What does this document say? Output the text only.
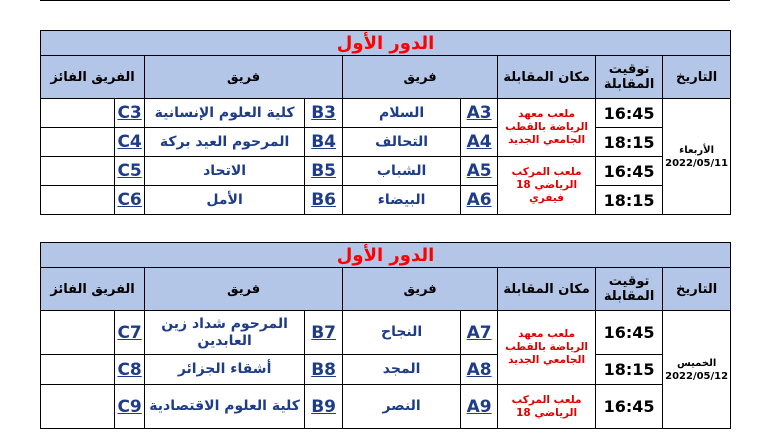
الدور الأول								
التاريخ	توقيت المقابلة	مكان المقابلة	فريق		فريق		الفريق الفائز	

الأربعاء
2022/05/11	16:45	ملعب معهد الرياضة بالقطب الجامعي الجديد	A3	السلام	B3	كلية العلوم الإنسانية	C3	
	18:15		A4	التحالف	B4	المرحوم العيد بركة	C4	
	16:45	ملعب المركب الرياضي 18 فيفري	A5	الشباب	B5	الاتحاد	C5	
	18:15		A6	البيضاء	B6	الأمل	C6	
الدور الأول								
التاريخ	توقيت المقابلة	مكان المقابلة	فريق		فريق		الفريق الفائز	

الخميس
2022/05/12	16:45	ملعب معهد الرياضة بالقطب الجامعي الجديد	A7	النجاح	B7	المرحوم شداد زين العابدين	C7	
	18:15		A8	المجد	B8	أشقاء الجزائر	C8	
	16:45	ملعب المركب الرياضي 18	A9	النصر	B9	كلية العلوم الاقتصادية	C9	
